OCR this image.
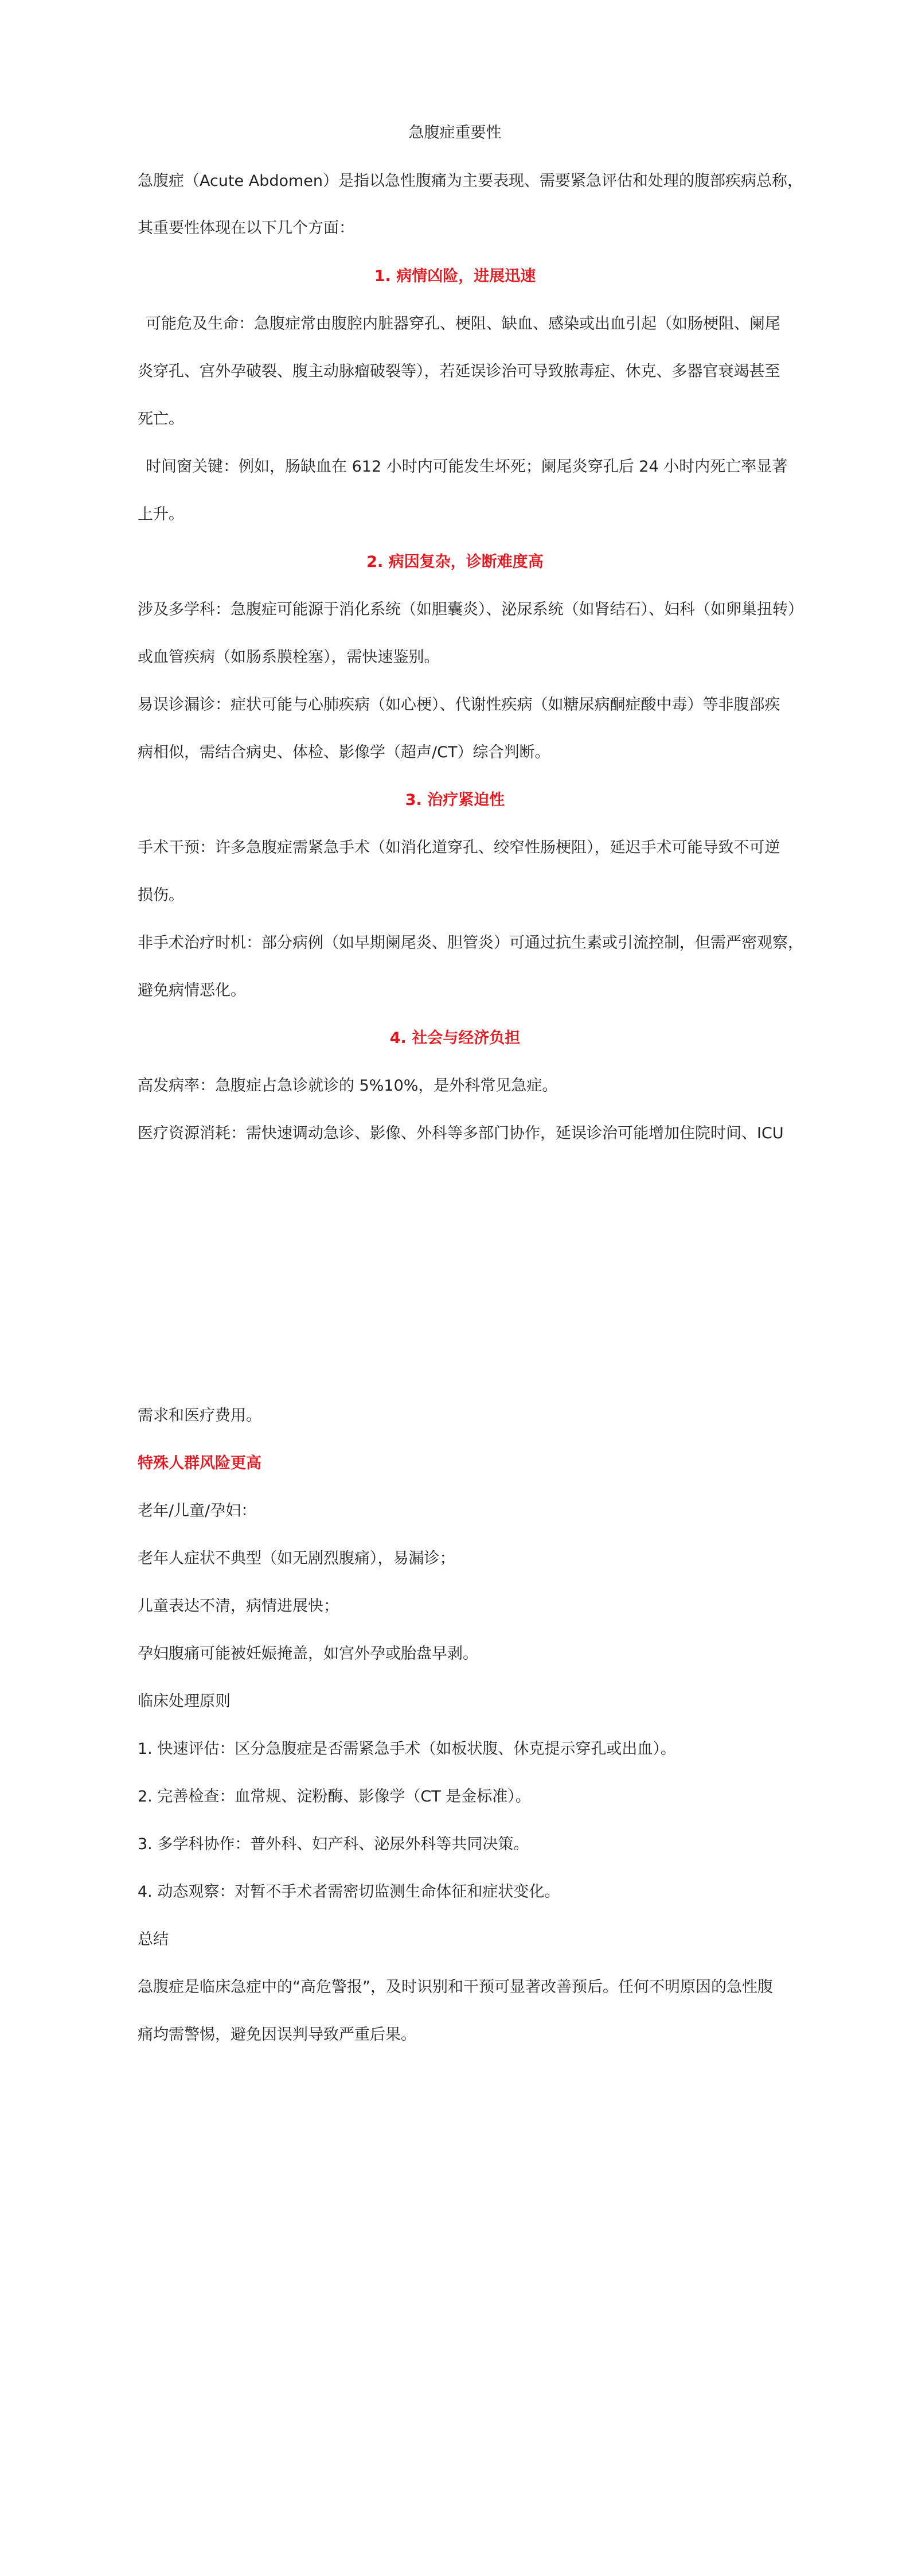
急腹症重要性
急腹症（Acute Abdomen）是指以急性腹痛为主要表现、需要紧急评估和处理的腹部疾病总称，
其重要性体现在以下几个方面：
1. 病情凶险，进展迅速
可能危及生命：急腹症常由腹腔内脏器穿孔、梗阻、缺血、感染或出血引起（如肠梗阻、阑尾
炎穿孔、宫外孕破裂、腹主动脉瘤破裂等），若延误诊治可导致脓毒症、休克、多器官衰竭甚至
死亡。
时间窗关键：例如，肠缺血在 612 小时内可能发生坏死；阑尾炎穿孔后 24 小时内死亡率显著
上升。
2. 病因复杂，诊断难度高
涉及多学科：急腹症可能源于消化系统（如胆囊炎）、泌尿系统（如肾结石）、妇科（如卵巢扭转）
或血管疾病（如肠系膜栓塞），需快速鉴别。
易误诊漏诊：症状可能与心肺疾病（如心梗）、代谢性疾病（如糖尿病酮症酸中毒）等非腹部疾
病相似，需结合病史、体检、影像学（超声/CT）综合判断。
3. 治疗紧迫性
手术干预：许多急腹症需紧急手术（如消化道穿孔、绞窄性肠梗阻），延迟手术可能导致不可逆
损伤。
非手术治疗时机：部分病例（如早期阑尾炎、胆管炎）可通过抗生素或引流控制，但需严密观察，
避免病情恶化。
4. 社会与经济负担
高发病率：急腹症占急诊就诊的 5%10%，是外科常见急症。
医疗资源消耗：需快速调动急诊、影像、外科等多部门协作，延误诊治可能增加住院时间、ICU
需求和医疗费用。
特殊人群风险更高
老年/儿童/孕妇：
老年人症状不典型（如无剧烈腹痛），易漏诊；
儿童表达不清，病情进展快；
孕妇腹痛可能被妊娠掩盖，如宫外孕或胎盘早剥。
临床处理原则
1. 快速评估：区分急腹症是否需紧急手术（如板状腹、休克提示穿孔或出血）。
2. 完善检查：血常规、淀粉酶、影像学（CT 是金标准）。
3. 多学科协作：普外科、妇产科、泌尿外科等共同决策。
4. 动态观察：对暂不手术者需密切监测生命体征和症状变化。
总结
急腹症是临床急症中的“高危警报”，及时识别和干预可显著改善预后。任何不明原因的急性腹
痛均需警惕，避免因误判导致严重后果。
